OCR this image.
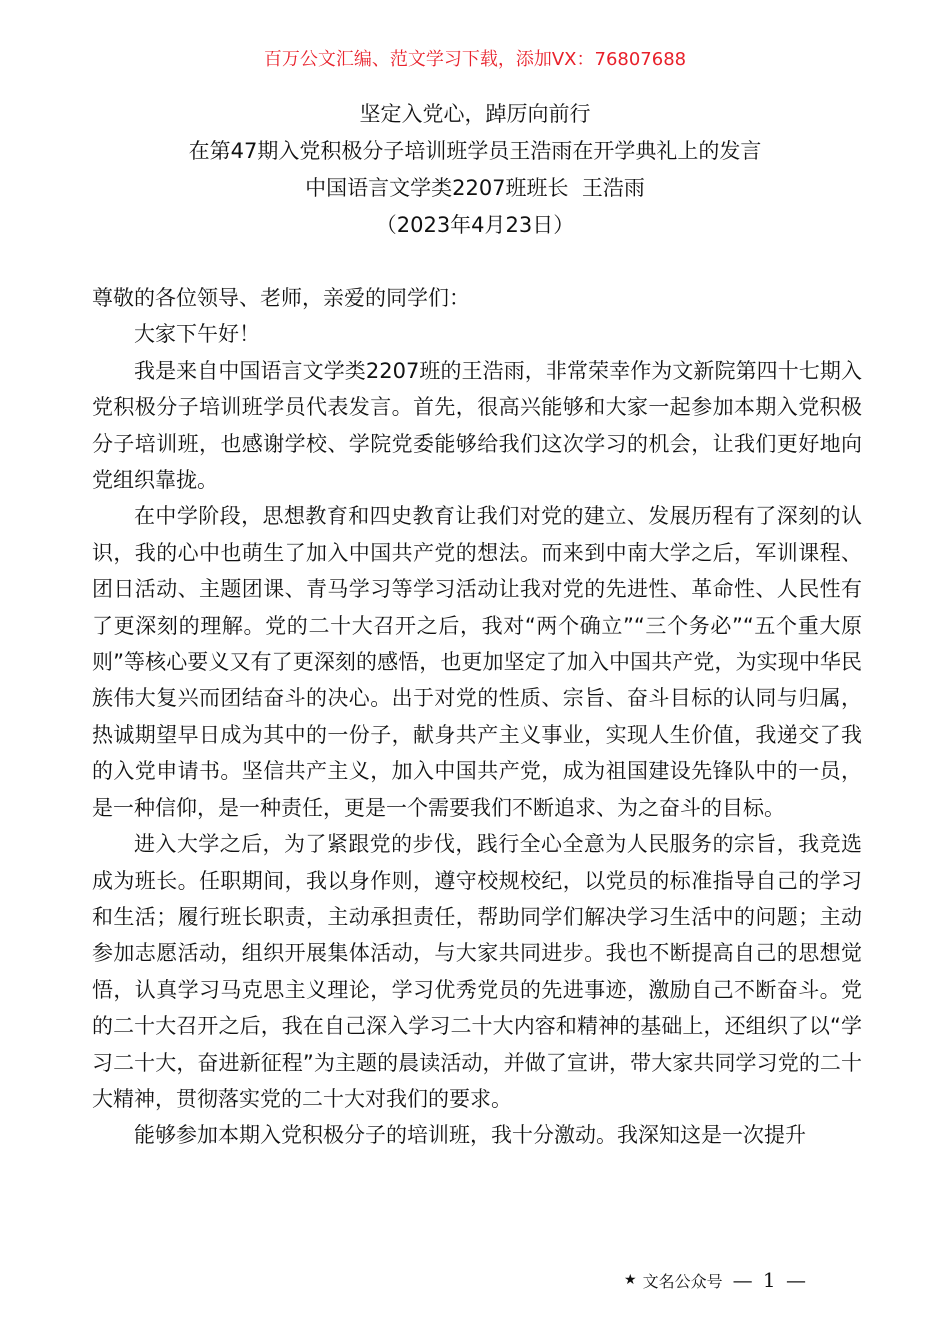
百万公文汇编、范文学习下载，添加VX：76807688
坚定入党心，踔厉向前行
在第47期入党积极分子培训班学员王浩雨在开学典礼上的发言
中国语言文学类2207班班长  王浩雨
（2023年4月23日）

尊敬的各位领导、老师，亲爱的同学们：

大家下午好！

我是来自中国语言文学类2207班的王浩雨，非常荣幸作为文新院第四十七期入党积极分子培训班学员代表发言。首先，很高兴能够和大家一起参加本期入党积极分子培训班，也感谢学校、学院党委能够给我们这次学习的机会，让我们更好地向党组织靠拢。

在中学阶段，思想教育和四史教育让我们对党的建立、发展历程有了深刻的认识，我的心中也萌生了加入中国共产党的想法。而来到中南大学之后，军训课程、团日活动、主题团课、青马学习等学习活动让我对党的先进性、革命性、人民性有了更深刻的理解。党的二十大召开之后，我对“两个确立”“三个务必”“五个重大原则”等核心要义又有了更深刻的感悟，也更加坚定了加入中国共产党，为实现中华民族伟大复兴而团结奋斗的决心。出于对党的性质、宗旨、奋斗目标的认同与归属，热诚期望早日成为其中的一份子，献身共产主义事业，实现人生价值，我递交了我的入党申请书。坚信共产主义，加入中国共产党，成为祖国建设先锋队中的一员，是一种信仰，是一种责任，更是一个需要我们不断追求、为之奋斗的目标。

进入大学之后，为了紧跟党的步伐，践行全心全意为人民服务的宗旨，我竞选成为班长。任职期间，我以身作则，遵守校规校纪，以党员的标准指导自己的学习和生活；履行班长职责，主动承担责任，帮助同学们解决学习生活中的问题；主动参加志愿活动，组织开展集体活动，与大家共同进步。我也不断提高自己的思想觉悟，认真学习马克思主义理论，学习优秀党员的先进事迹，激励自己不断奋斗。党的二十大召开之后，我在自己深入学习二十大内容和精神的基础上，还组织了以“学习二十大，奋进新征程”为主题的晨读活动，并做了宣讲，带大家共同学习党的二十大精神，贯彻落实党的二十大对我们的要求。

能够参加本期入党积极分子的培训班，我十分激动。我深知这是一次提升

★ 文名公众号 — 1 —
